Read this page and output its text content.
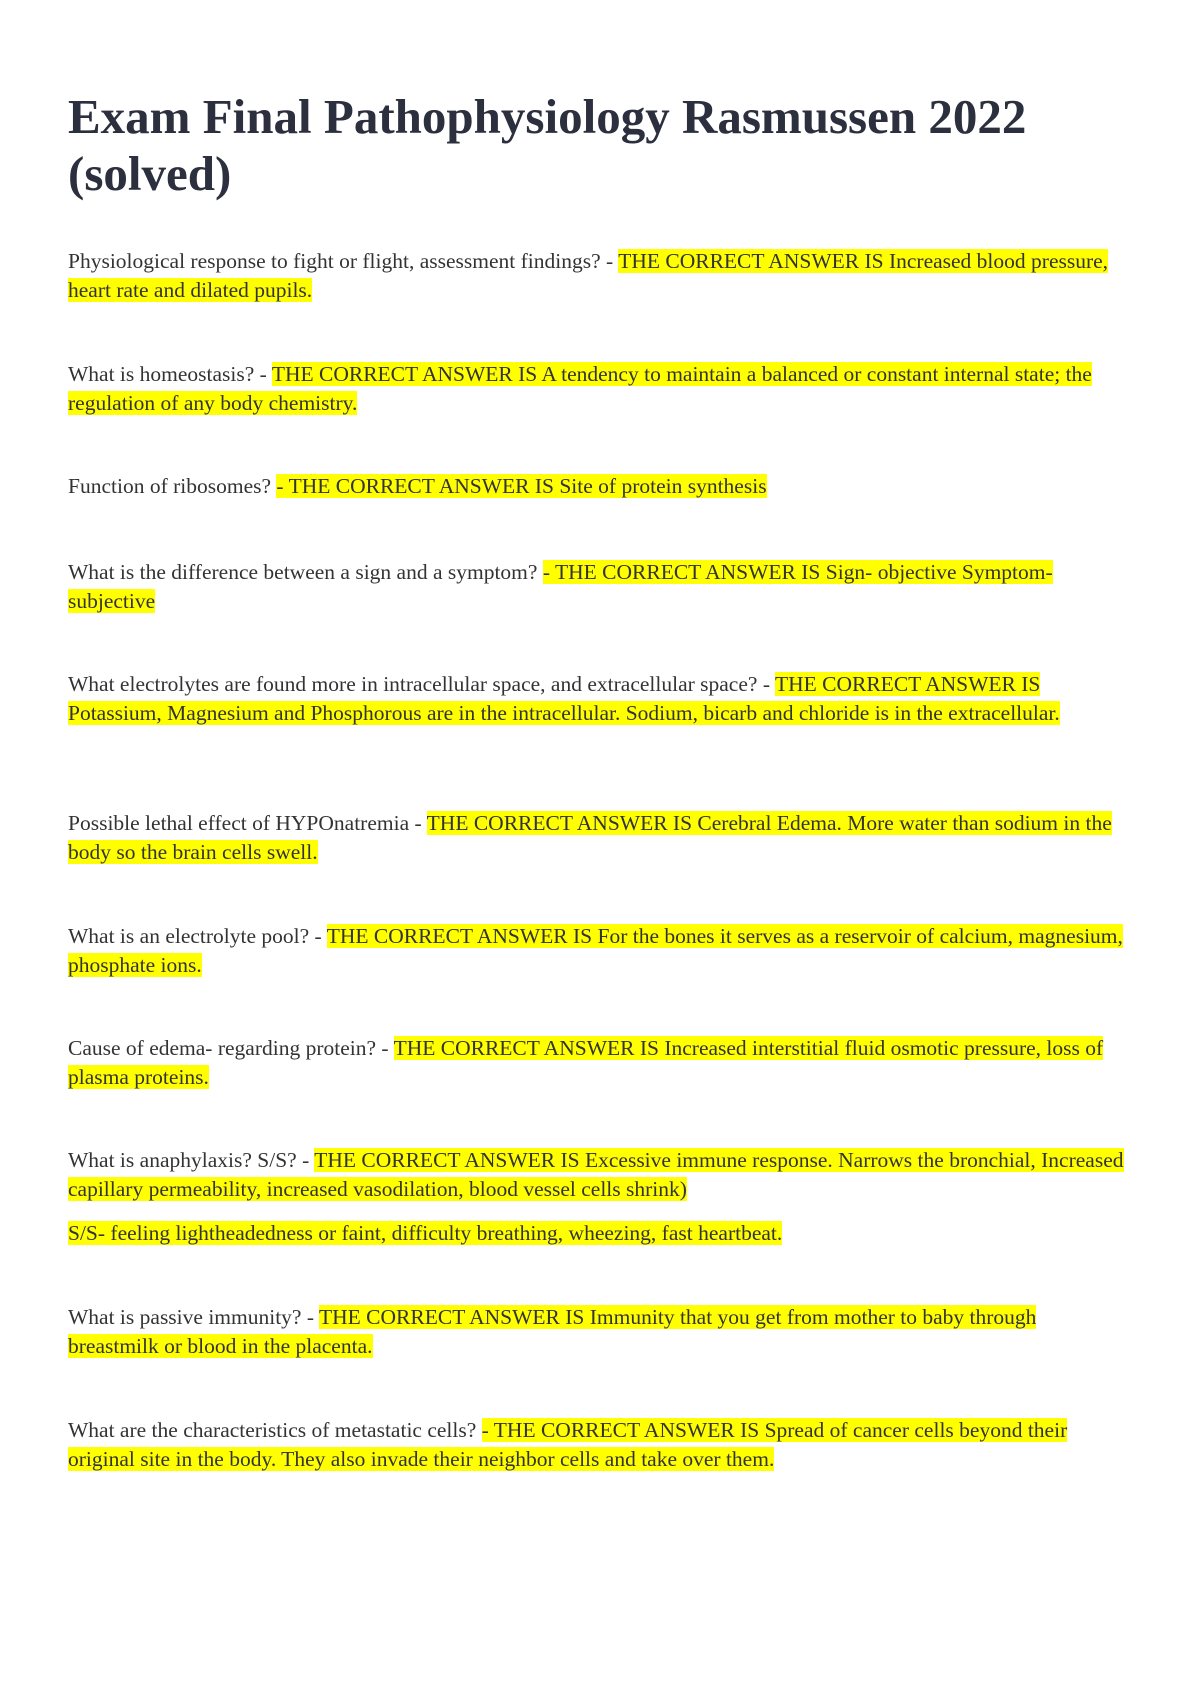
Exam Final Pathophysiology Rasmussen 2022 (solved)

Physiological response to fight or flight, assessment findings? - THE CORRECT ANSWER IS Increased blood pressure, heart rate and dilated pupils.

What is homeostasis? - THE CORRECT ANSWER IS A tendency to maintain a balanced or constant internal state; the regulation of any body chemistry.

Function of ribosomes? - THE CORRECT ANSWER IS Site of protein synthesis

What is the difference between a sign and a symptom? - THE CORRECT ANSWER IS Sign- objective Symptom- subjective

What electrolytes are found more in intracellular space, and extracellular space? - THE CORRECT ANSWER IS Potassium, Magnesium and Phosphorous are in the intracellular. Sodium, bicarb and chloride is in the extracellular.

Possible lethal effect of HYPOnatremia - THE CORRECT ANSWER IS Cerebral Edema. More water than sodium in the body so the brain cells swell.

What is an electrolyte pool? - THE CORRECT ANSWER IS For the bones it serves as a reservoir of calcium, magnesium, phosphate ions.

Cause of edema- regarding protein? - THE CORRECT ANSWER IS Increased interstitial fluid osmotic pressure, loss of plasma proteins.

What is anaphylaxis? S/S? - THE CORRECT ANSWER IS Excessive immune response. Narrows the bronchial, Increased capillary permeability, increased vasodilation, blood vessel cells shrink)
S/S- feeling lightheadedness or faint, difficulty breathing, wheezing, fast heartbeat.

What is passive immunity? - THE CORRECT ANSWER IS Immunity that you get from mother to baby through breastmilk or blood in the placenta.

What are the characteristics of metastatic cells? - THE CORRECT ANSWER IS Spread of cancer cells beyond their original site in the body. They also invade their neighbor cells and take over them.
